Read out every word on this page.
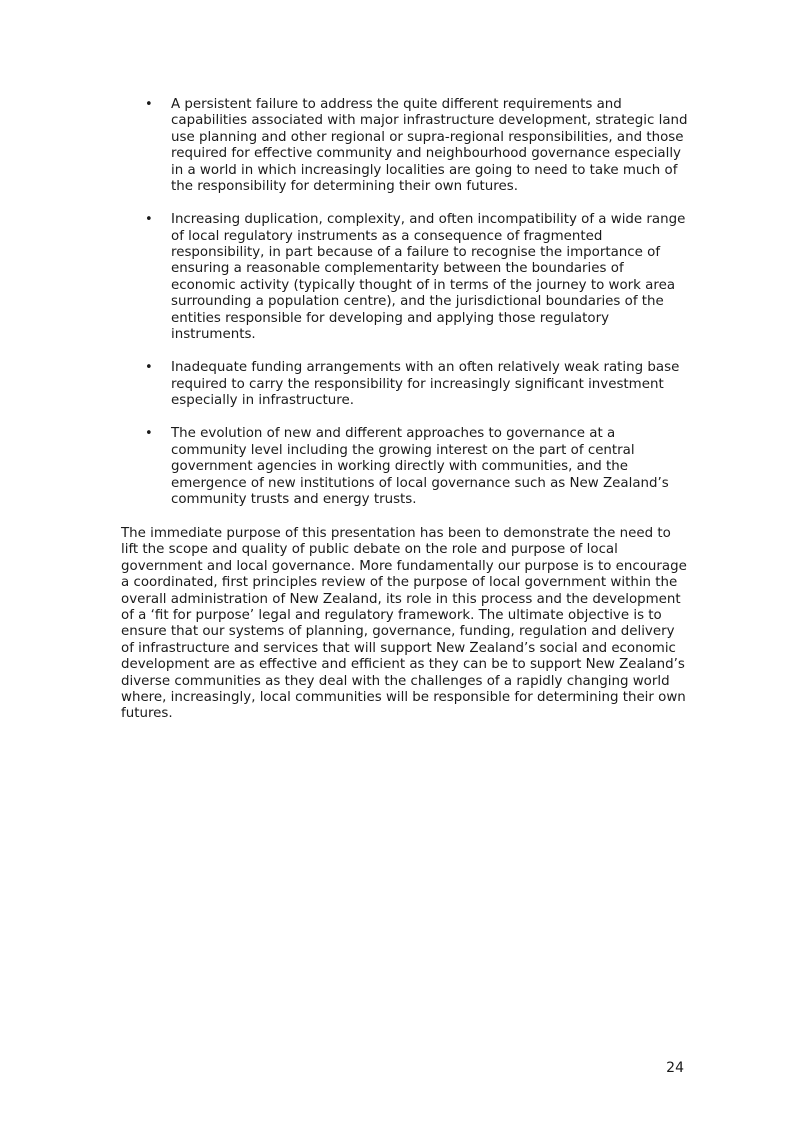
• A persistent failure to address the quite different requirements and capabilities associated with major infrastructure development, strategic land use planning and other regional or supra-regional responsibilities, and those required for effective community and neighbourhood governance especially in a world in which increasingly localities are going to need to take much of the responsibility for determining their own futures.
• Increasing duplication, complexity, and often incompatibility of a wide range of local regulatory instruments as a consequence of fragmented responsibility, in part because of a failure to recognise the importance of ensuring a reasonable complementarity between the boundaries of economic activity (typically thought of in terms of the journey to work area surrounding a population centre), and the jurisdictional boundaries of the entities responsible for developing and applying those regulatory instruments.
• Inadequate funding arrangements with an often relatively weak rating base required to carry the responsibility for increasingly significant investment especially in infrastructure.
• The evolution of new and different approaches to governance at a community level including the growing interest on the part of central government agencies in working directly with communities, and the emergence of new institutions of local governance such as New Zealand’s community trusts and energy trusts.

The immediate purpose of this presentation has been to demonstrate the need to lift the scope and quality of public debate on the role and purpose of local government and local governance. More fundamentally our purpose is to encourage a coordinated, first principles review of the purpose of local government within the overall administration of New Zealand, its role in this process and the development of a ‘fit for purpose’ legal and regulatory framework. The ultimate objective is to ensure that our systems of planning, governance, funding, regulation and delivery of infrastructure and services that will support New Zealand’s social and economic development are as effective and efficient as they can be to support New Zealand’s diverse communities as they deal with the challenges of a rapidly changing world where, increasingly, local communities will be responsible for determining their own futures.

24
